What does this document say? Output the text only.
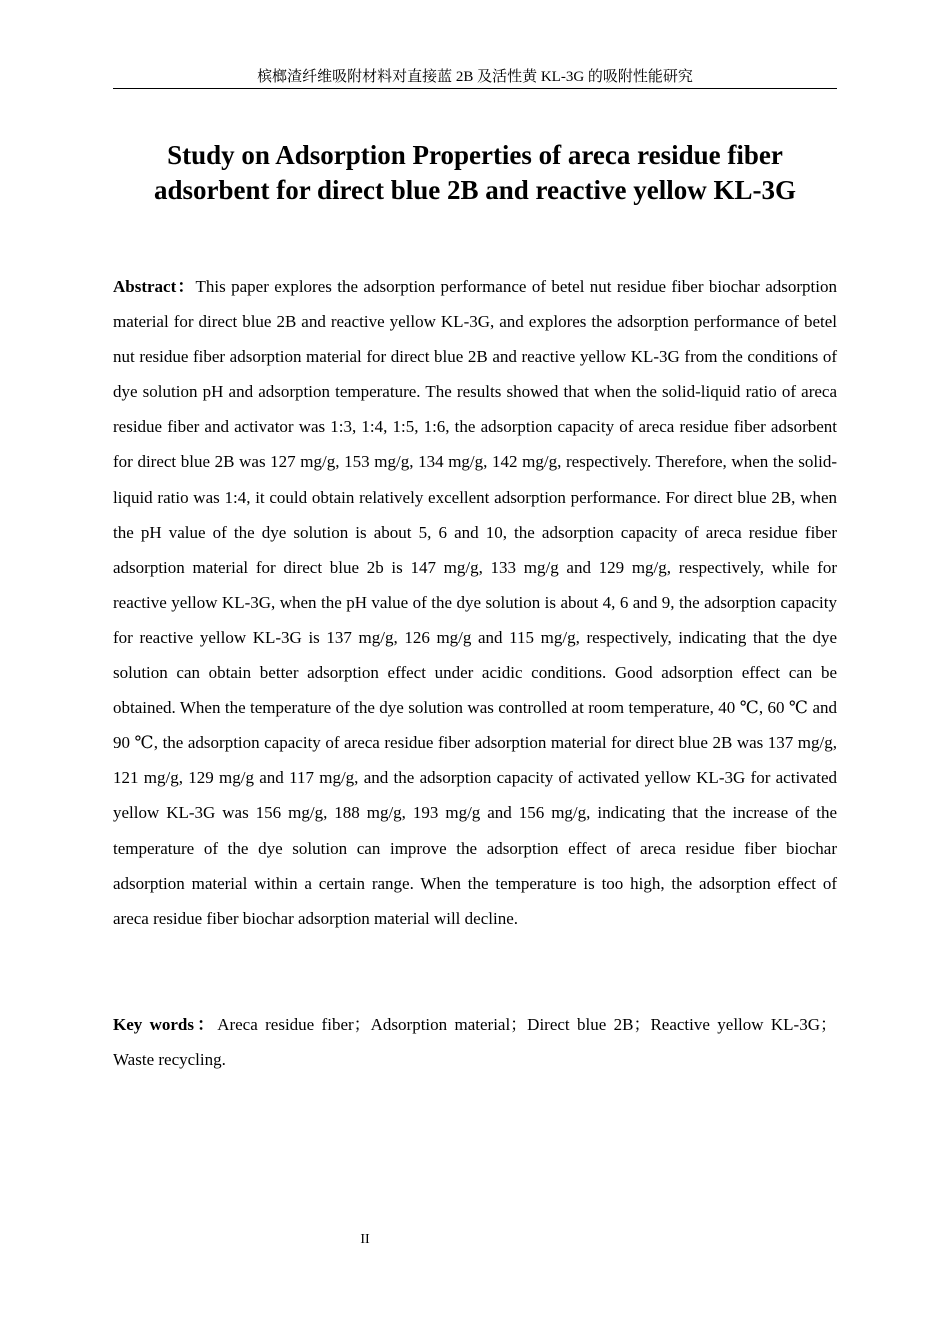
槟榔渣纤维吸附材料对直接蓝 2B 及活性黄 KL-3G 的吸附性能研究
Study on Adsorption Properties of areca residue fiber
adsorbent for direct blue 2B and reactive yellow KL-3G

Abstract：This paper explores the adsorption performance of betel nut residue fiber biochar adsorption material for direct blue 2B and reactive yellow KL-3G, and explores the adsorption performance of betel nut residue fiber adsorption material for direct blue 2B and reactive yellow KL-3G from the conditions of dye solution pH and adsorption temperature. The results showed that when the solid-liquid ratio of areca residue fiber and activator was 1:3, 1:4, 1:5, 1:6, the adsorption capacity of areca residue fiber adsorbent for direct blue 2B was 127 mg/g, 153 mg/g, 134 mg/g, 142 mg/g, respectively. Therefore, when the solid-liquid ratio was 1:4, it could obtain relatively excellent adsorption performance. For direct blue 2B, when the pH value of the dye solution is about 5, 6 and 10, the adsorption capacity of areca residue fiber adsorption material for direct blue 2b is 147 mg/g, 133 mg/g and 129 mg/g, respectively, while for reactive yellow KL-3G, when the pH value of the dye solution is about 4, 6 and 9, the adsorption capacity for reactive yellow KL-3G is 137 mg/g, 126 mg/g and 115 mg/g, respectively, indicating that the dye solution can obtain better adsorption effect under acidic conditions. Good adsorption effect can be obtained. When the temperature of the dye solution was controlled at room temperature, 40 ℃, 60 ℃ and 90 ℃, the adsorption capacity of areca residue fiber adsorption material for direct blue 2B was 137 mg/g, 121 mg/g, 129 mg/g and 117 mg/g, and the adsorption capacity of activated yellow KL-3G for activated yellow KL-3G was 156 mg/g, 188 mg/g, 193 mg/g and 156 mg/g, indicating that the increase of the temperature of the dye solution can improve the adsorption effect of areca residue fiber biochar adsorption material within a certain range. When the temperature is too high, the adsorption effect of areca residue fiber biochar adsorption material will decline.

Key words：Areca residue fiber；Adsorption material；Direct blue 2B；Reactive yellow KL-3G；Waste recycling.

II
